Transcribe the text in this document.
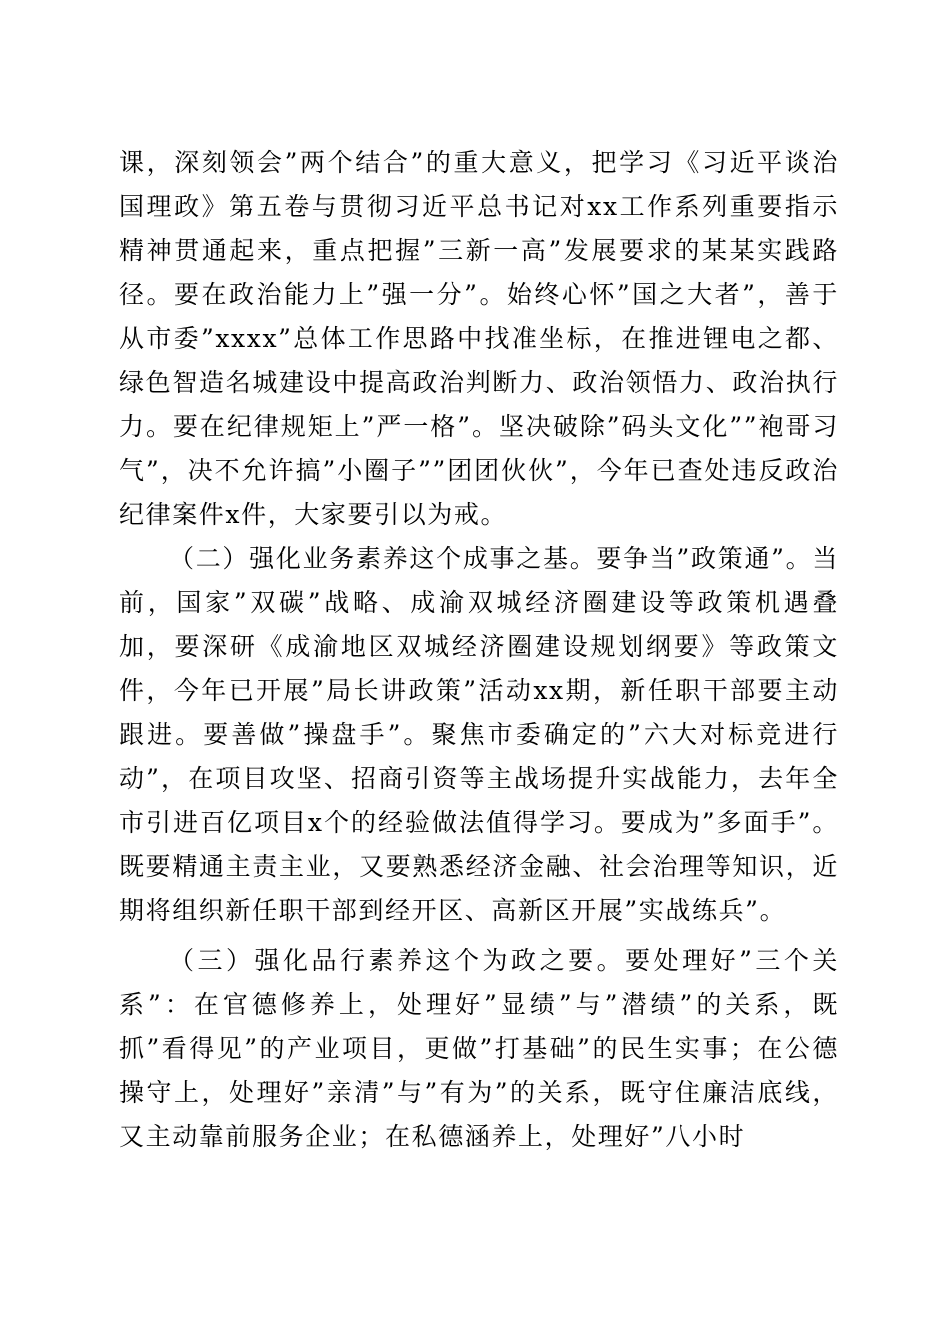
课，深刻领会”两个结合”的重大意义，把学习《习近平谈治国理政》第五卷与贯彻习近平总书记对xx工作系列重要指示精神贯通起来，重点把握”三新一高”发展要求的某某实践路径。要在政治能力上”强一分”。始终心怀”国之大者”，善于从市委”xxxx”总体工作思路中找准坐标，在推进锂电之都、绿色智造名城建设中提高政治判断力、政治领悟力、政治执行力。要在纪律规矩上”严一格”。坚决破除”码头文化””袍哥习气”，决不允许搞”小圈子””团团伙伙”，今年已查处违反政治纪律案件x件，大家要引以为戒。

（二）强化业务素养这个成事之基。要争当”政策通”。当前，国家”双碳”战略、成渝双城经济圈建设等政策机遇叠加，要深研《成渝地区双城经济圈建设规划纲要》等政策文件，今年已开展”局长讲政策”活动xx期，新任职干部要主动跟进。要善做”操盘手”。聚焦市委确定的”六大对标竞进行动”，在项目攻坚、招商引资等主战场提升实战能力，去年全市引进百亿项目x个的经验做法值得学习。要成为”多面手”。既要精通主责主业，又要熟悉经济金融、社会治理等知识，近期将组织新任职干部到经开区、高新区开展”实战练兵”。

（三）强化品行素养这个为政之要。要处理好”三个关系”：在官德修养上，处理好”显绩”与”潜绩”的关系，既抓”看得见”的产业项目，更做”打基础”的民生实事；在公德操守上，处理好”亲清”与”有为”的关系，既守住廉洁底线，又主动靠前服务企业；在私德涵养上，处理好”八小时
